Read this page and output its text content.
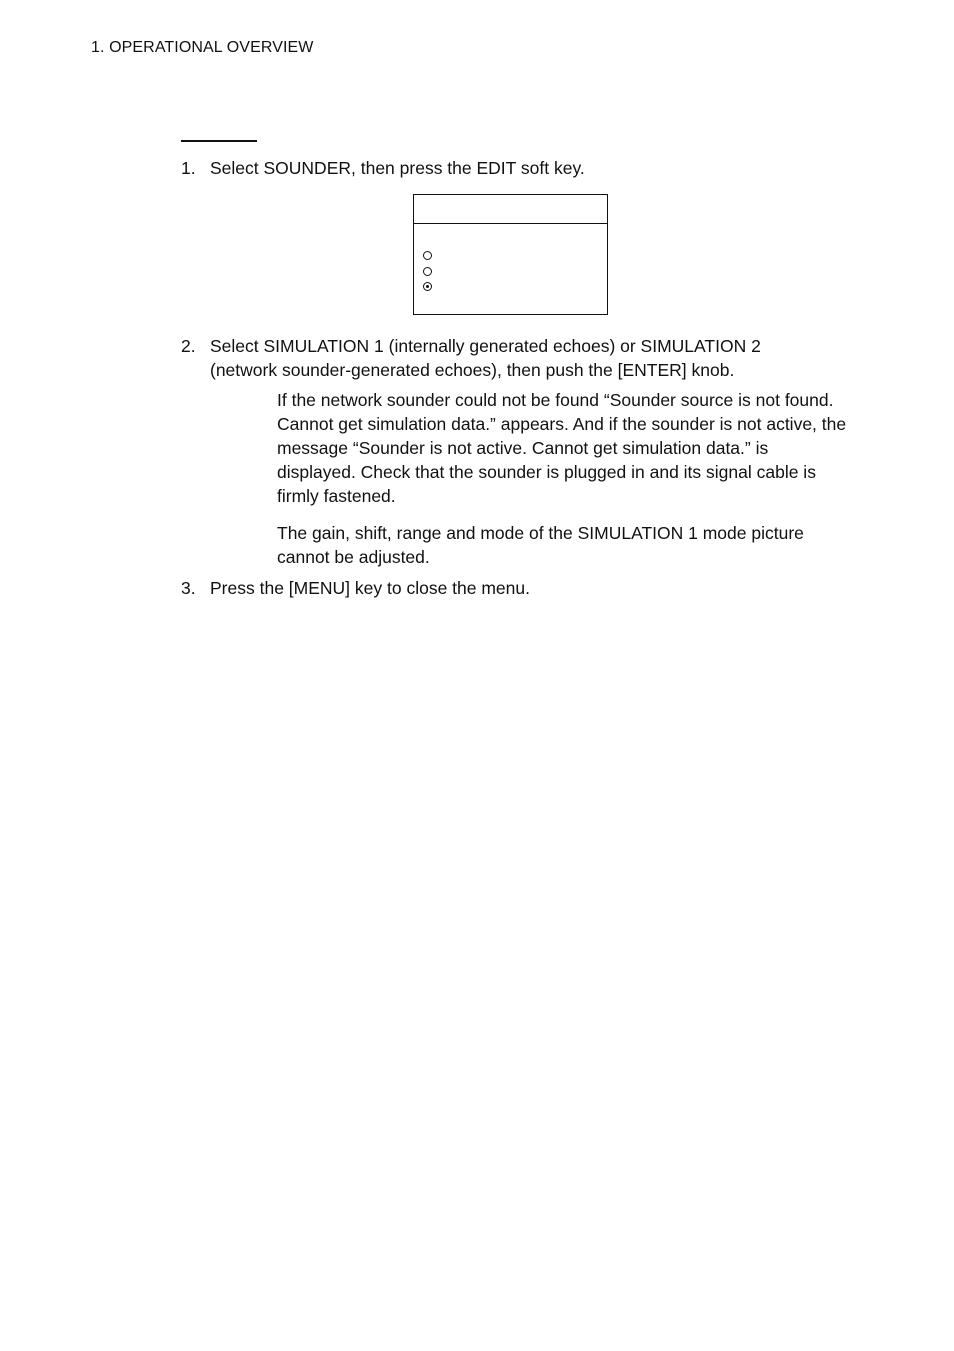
1. OPERATIONAL OVERVIEW
1. Select SOUNDER, then press the EDIT soft key.
2. Select SIMULATION 1 (internally generated echoes) or SIMULATION 2 (network sounder-generated echoes), then push the [ENTER] knob.
If the network sounder could not be found “Sounder source is not found. Cannot get simulation data.” appears. And if the sounder is not active, the message “Sounder is not active. Cannot get simulation data.” is displayed. Check that the sounder is plugged in and its signal cable is firmly fastened.
The gain, shift, range and mode of the SIMULATION 1 mode picture cannot be adjusted.
3. Press the [MENU] key to close the menu.
